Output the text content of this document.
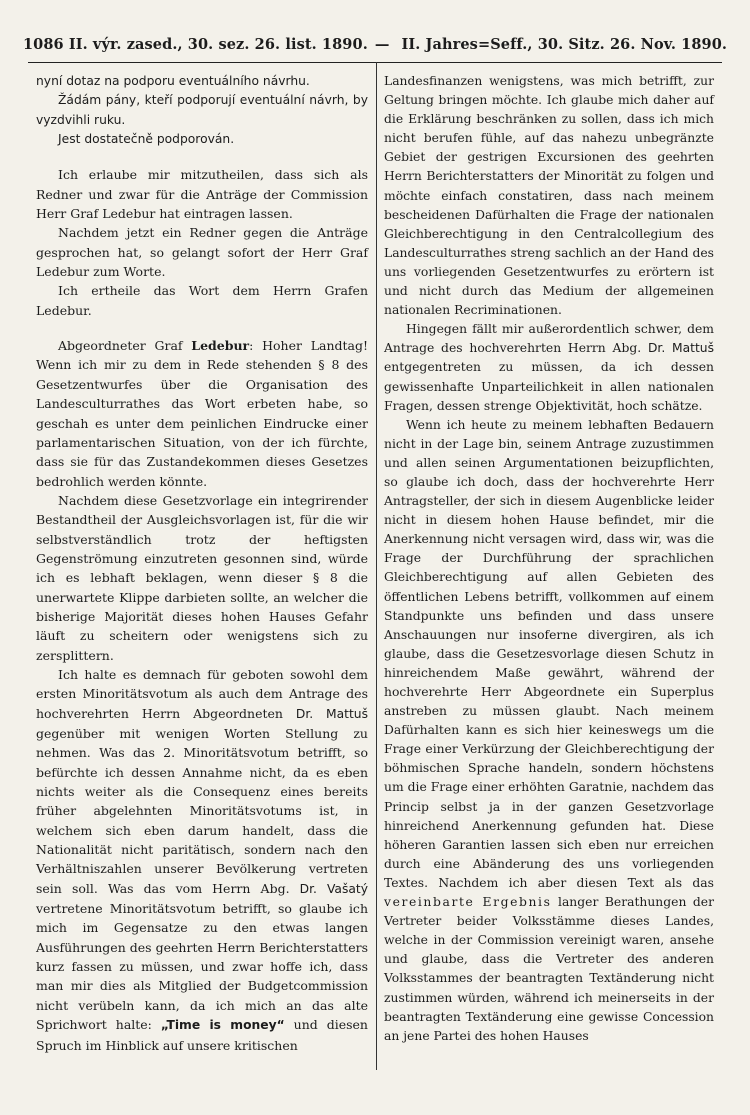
1086 II. výr. zased., 30. sez. 26. list. 1890. — II. Jahres=Seff., 30. Sitz. 26. Nov. 1890.

nyní dotaz na podporu eventuálního návrhu.

Žádám pány, kteří podporují eventuální návrh, by vyzdvihli ruku.

Jest dostatečně podporován.

Ich erlaube mir mitzutheilen, dass sich als Redner und zwar für die Anträge der Commission Herr Graf Ledebur hat eintragen lassen.

Nachdem jetzt ein Redner gegen die Anträge gesprochen hat, so gelangt sofort der Herr Graf Ledebur zum Worte.

Ich ertheile das Wort dem Herrn Grafen Ledebur.

Abgeordneter Graf Ledebur: Hoher Landtag! Wenn ich mir zu dem in Rede stehenden § 8 des Gesetzentwurfes über die Organisation des Landesculturrathes das Wort erbeten habe, so geschah es unter dem peinlichen Eindrucke einer parlamentarischen Situation, von der ich fürchte, dass sie für das Zustandekommen dieses Gesetzes bedrohlich werden könnte.

Nachdem diese Gesetzvorlage ein integrirender Bestandtheil der Ausgleichsvorlagen ist, für die wir selbstverständlich trotz der heftigsten Gegenströmung einzutreten gesonnen sind, würde ich es lebhaft beklagen, wenn dieser § 8 die unerwartete Klippe darbieten sollte, an welcher die bisherige Majorität dieses hohen Hauses Gefahr läuft zu scheitern oder wenigstens sich zu zersplittern.

Ich halte es demnach für geboten sowohl dem ersten Minoritätsvotum als auch dem Antrage des hochverehrten Herrn Abgeordneten Dr. Mattuš gegenüber mit wenigen Worten Stellung zu nehmen. Was das 2. Minoritätsvotum betrifft, so befürchte ich dessen Annahme nicht, da es eben nichts weiter als die Consequenz eines bereits früher abgelehnten Minoritätsvotums ist, in welchem sich eben darum handelt, dass die Nationalität nicht paritätisch, sondern nach den Verhältniszahlen unserer Bevölkerung vertreten sein soll. Was das vom Herrn Abg. Dr. Vašatý vertretene Minoritätsvotum betrifft, so glaube ich mich im Gegensatze zu den etwas langen Ausführungen des geehrten Herrn Berichterstatters kurz fassen zu müssen, und zwar hoffe ich, dass man mir dies als Mitglied der Budgetcommission nicht verübeln kann, da ich mich an das alte Sprichwort halte: „Time is money“ und diesen Spruch im Hinblick auf unsere kritischen

Landesfinanzen wenigstens, was mich betrifft, zur Geltung bringen möchte. Ich glaube mich daher auf die Erklärung beschränken zu sollen, dass ich mich nicht berufen fühle, auf das nahezu unbegränzte Gebiet der gestrigen Excursionen des geehrten Herrn Berichterstatters der Minorität zu folgen und möchte einfach constatiren, dass nach meinem bescheidenen Dafürhalten die Frage der nationalen Gleichberechtigung in den Centralcollegium des Landesculturrathes streng sachlich an der Hand des uns vorliegenden Gesetzentwurfes zu erörtern ist und nicht durch das Medium der allgemeinen nationalen Recriminationen.

Hingegen fällt mir außerordentlich schwer, dem Antrage des hochverehrten Herrn Abg. Dr. Mattuš entgegentreten zu müssen, da ich dessen gewissenhafte Unparteilichkeit in allen nationalen Fragen, dessen strenge Objektivität, hoch schätze.

Wenn ich heute zu meinem lebhaften Bedauern nicht in der Lage bin, seinem Antrage zuzustimmen und allen seinen Argumentationen beizupflichten, so glaube ich doch, dass der hochverehrte Herr Antragsteller, der sich in diesem Augenblicke leider nicht in diesem hohen Hause befindet, mir die Anerkennung nicht versagen wird, dass wir, was die Frage der Durchführung der sprachlichen Gleichberechtigung auf allen Gebieten des öffentlichen Lebens betrifft, vollkommen auf einem Standpunkte uns befinden und dass unsere Anschauungen nur insoferne divergiren, als ich glaube, dass die Gesetzesvorlage diesen Schutz in hinreichendem Maße gewährt, während der hochverehrte Herr Abgeordnete ein Superplus anstreben zu müssen glaubt. Nach meinem Dafürhalten kann es sich hier keineswegs um die Frage einer Verkürzung der Gleichberechtigung der böhmischen Sprache handeln, sondern höchstens um die Frage einer erhöhten Garatnie, nachdem das Princip selbst ja in der ganzen Gesetzvorlage hinreichend Anerkennung gefunden hat. Diese höheren Garantien lassen sich eben nur erreichen durch eine Abänderung des uns vorliegenden Textes. Nachdem ich aber diesen Text als das vereinbarte Ergebnis langer Berathungen der Vertreter beider Volksstämme dieses Landes, welche in der Commission vereinigt waren, ansehe und glaube, dass die Vertreter des anderen Volksstammes der beantragten Textänderung nicht zustimmen würden, während ich meinerseits in der beantragten Textänderung eine gewisse Concession an jene Partei des hohen Hauses
